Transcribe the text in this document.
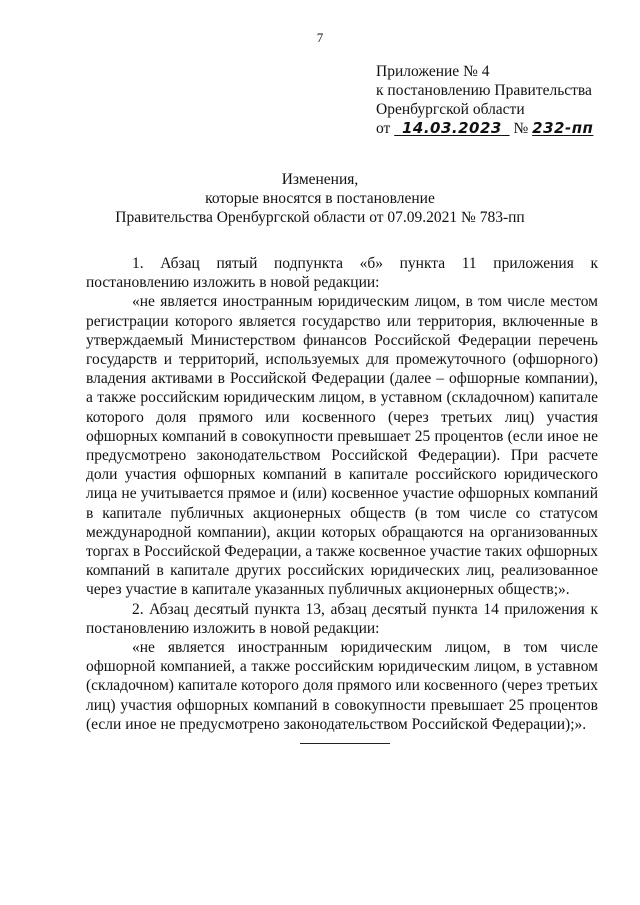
7
Приложение № 4
к постановлению Правительства
Оренбургской области
от 14.03.2023 № 232-пп
Изменения,
которые вносятся в постановление
Правительства Оренбургской области от 07.09.2021 № 783-пп

1. Абзац пятый подпункта «б» пункта 11 приложения к постановлению изложить в новой редакции:

«не является иностранным юридическим лицом, в том числе местом регистрации которого является государство или территория, включенные в утверждаемый Министерством финансов Российской Федерации перечень государств и территорий, используемых для промежуточного (офшорного) владения активами в Российской Федерации (далее – офшорные компании), а также российским юридическим лицом, в уставном (складочном) капитале которого доля прямого или косвенного (через третьих лиц) участия офшорных компаний в совокупности превышает 25 процентов (если иное не предусмотрено законодательством Российской Федерации). При расчете доли участия офшорных компаний в капитале российского юридического лица не учитывается прямое и (или) косвенное участие офшорных компаний в капитале публичных акционерных обществ (в том числе со статусом международной компании), акции которых обращаются на организованных торгах в Российской Федерации, а также косвенное участие таких офшорных компаний в капитале других российских юридических лиц, реализованное через участие в капитале указанных публичных акционерных обществ;».

2. Абзац десятый пункта 13, абзац десятый пункта 14 приложения к постановлению изложить в новой редакции:

«не является иностранным юридическим лицом, в том числе офшорной компанией, а также российским юридическим лицом, в уставном (складочном) капитале которого доля прямого или косвенного (через третьих лиц) участия офшорных компаний в совокупности превышает 25 процентов (если иное не предусмотрено законодательством Российской Федерации);».
